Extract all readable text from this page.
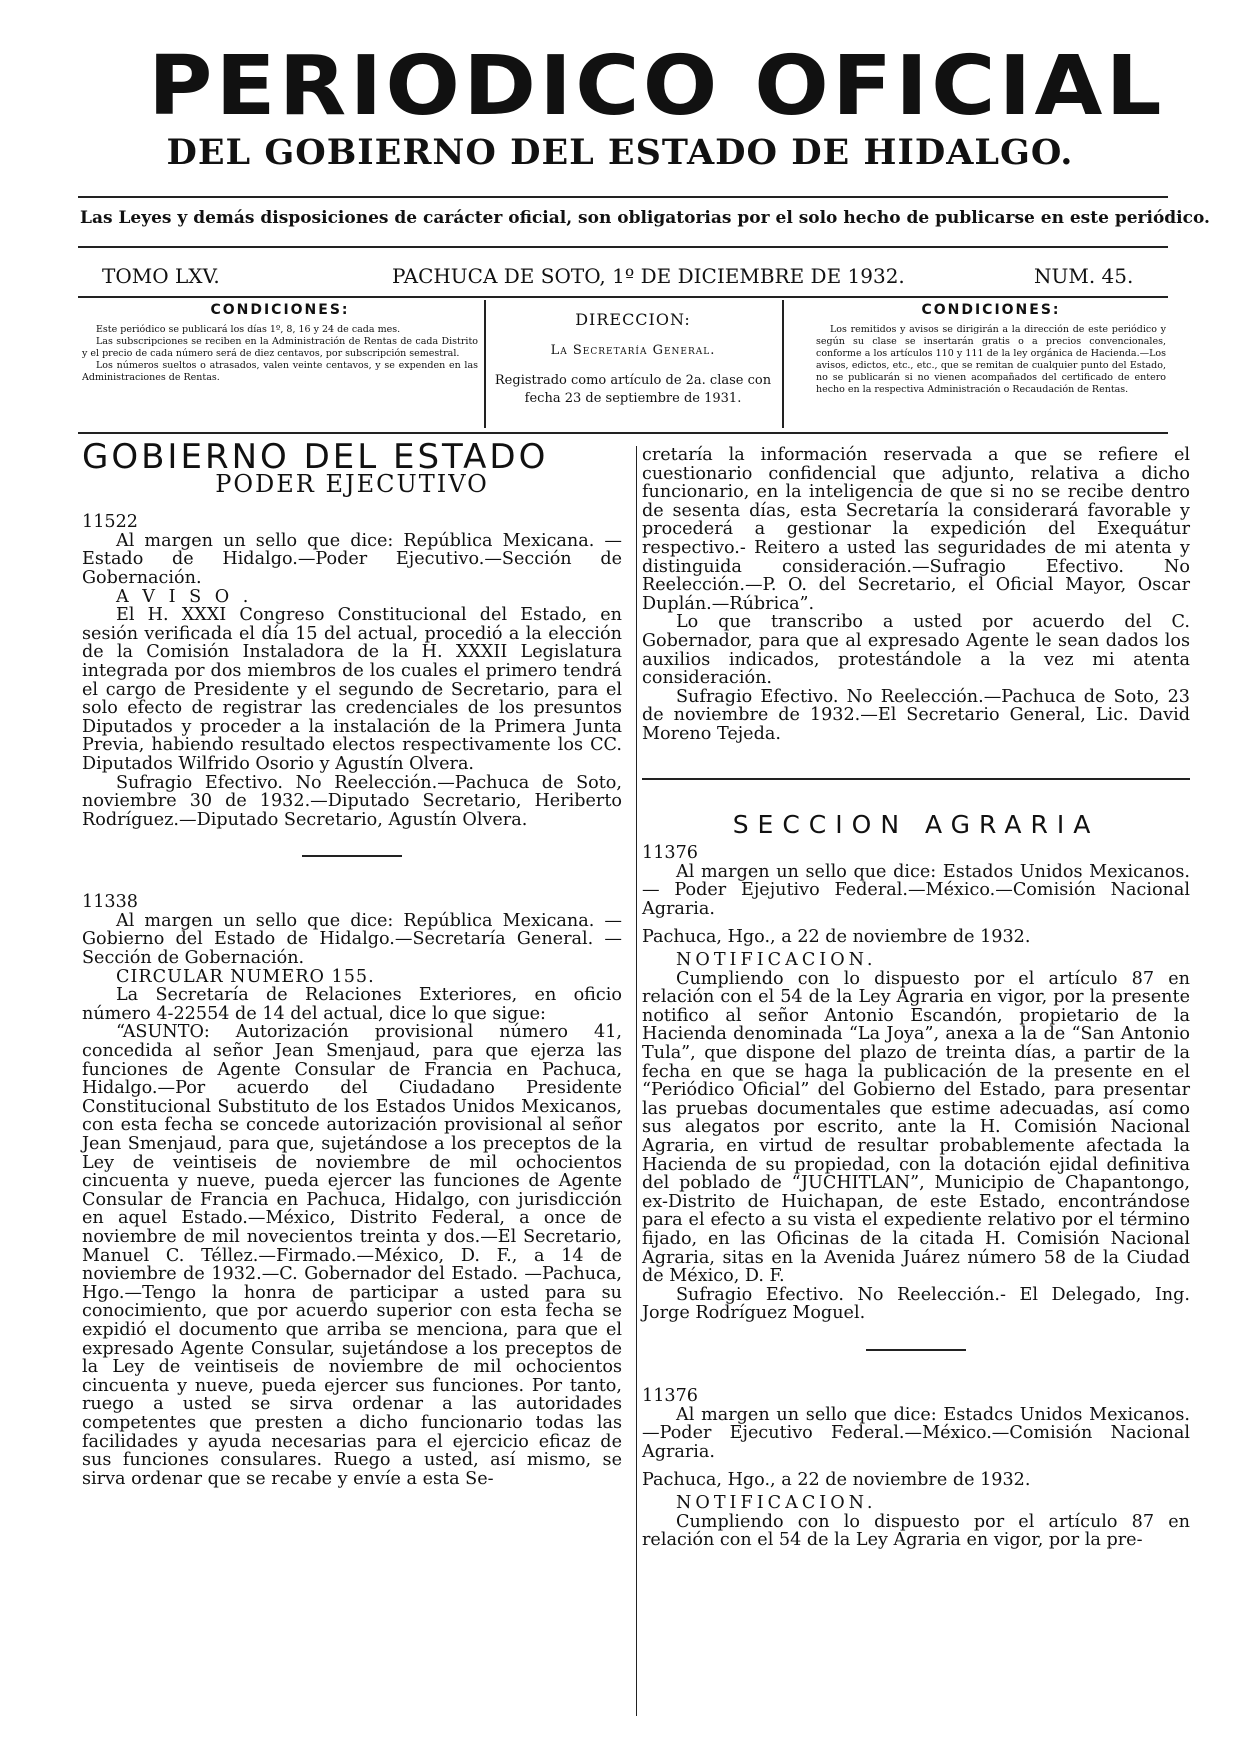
PERIODICO OFICIAL
DEL GOBIERNO DEL ESTADO DE HIDALGO.
Las Leyes y demás disposiciones de carácter oficial, son obligatorias por el solo hecho de publicarse en este periódico.
TOMO LXV.	PACHUCA DE SOTO, 1º DE DICIEMBRE DE 1932.	NUM. 45.
CONDICIONES:

Este periódico se publicará los días 1º, 8, 16 y 24 de cada mes.

Las subscripciones se reciben en la Administración de Rentas de cada Distrito y el precio de cada número será de diez centavos, por subscripción semestral.

Los números sueltos o atrasados, valen veinte centavos, y se expenden en las Administraciones de Rentas.

DIRECCION:
La Secretaría General.
Registrado como artículo de 2a. clase con fecha 23 de septiembre de 1931.
CONDICIONES:

Los remitidos y avisos se dirigirán a la dirección de este periódico y según su clase se insertarán gratis o a precios convencionales, conforme a los artículos 110 y 111 de la ley orgánica de Hacienda.—Los avisos, edictos, etc., etc., que se remitan de cualquier punto del Estado, no se publicarán si no vienen acompañados del certificado de entero hecho en la respectiva Administración o Recaudación de Rentas.

GOBIERNO DEL ESTADO
PODER EJECUTIVO

11522

Al margen un sello que dice: República Mexicana. —Estado de Hidalgo.—Poder Ejecutivo.—Sección de Gobernación.

A V I S O .

El H. XXXI Congreso Constitucional del Estado, en sesión verificada el día 15 del actual, procedió a la elección de la Comisión Instaladora de la H. XXXII Legislatura integrada por dos miembros de los cuales el primero tendrá el cargo de Presidente y el segundo de Secretario, para el solo efecto de registrar las credenciales de los presuntos Diputados y proceder a la instalación de la Primera Junta Previa, habiendo resultado electos respectivamente los CC. Diputados Wilfrido Osorio y Agustín Olvera.

Sufragio Efectivo. No Reelección.—Pachuca de Soto, noviembre 30 de 1932.—Diputado Secretario, Heriberto Rodríguez.—Diputado Secretario, Agustín Olvera.

11338

Al margen un sello que dice: República Mexicana. —Gobierno del Estado de Hidalgo.—Secretaría General. —Sección de Gobernación.

CIRCULAR NUMERO 155.

La Secretaría de Relaciones Exteriores, en oficio número 4-22554 de 14 del actual, dice lo que sigue:

“ASUNTO: Autorización provisional número 41, concedida al señor Jean Smenjaud, para que ejerza las funciones de Agente Consular de Francia en Pachuca, Hidalgo.—Por acuerdo del Ciudadano Presidente Constitucional Substituto de los Estados Unidos Mexicanos, con esta fecha se concede autorización provisional al señor Jean Smenjaud, para que, sujetándose a los preceptos de la Ley de veintiseis de noviembre de mil ochocientos cincuenta y nueve, pueda ejercer las funciones de Agente Consular de Francia en Pachuca, Hidalgo, con jurisdicción en aquel Estado.—México, Distrito Federal, a once de noviembre de mil novecientos treinta y dos.—El Secretario, Manuel C. Téllez.—Firmado.—México, D. F., a 14 de noviembre de 1932.—C. Gobernador del Estado. —Pachuca, Hgo.—Tengo la honra de participar a usted para su conocimiento, que por acuerdo superior con esta fecha se expidió el documento que arriba se menciona, para que el expresado Agente Consular, sujetándose a los preceptos de la Ley de veintiseis de noviembre de mil ochocientos cincuenta y nueve, pueda ejercer sus funciones. Por tanto, ruego a usted se sirva ordenar a las autoridades competentes que presten a dicho funcionario todas las facilidades y ayuda necesarias para el ejercicio eficaz de sus funciones consulares. Ruego a usted, así mismo, se sirva ordenar que se recabe y envíe a esta Se-

cretaría la información reservada a que se refiere el cuestionario confidencial que adjunto, relativa a dicho funcionario, en la inteligencia de que si no se recibe dentro de sesenta días, esta Secretaría la considerará favorable y procederá a gestionar la expedición del Exequátur respectivo.- Reitero a usted las seguridades de mi atenta y distinguida consideración.—Sufragio Efectivo. No Reelección.—P. O. del Secretario, el Oficial Mayor, Oscar Duplán.—Rúbrica”.

Lo que transcribo a usted por acuerdo del C. Gobernador, para que al expresado Agente le sean dados los auxilios indicados, protestándole a la vez mi atenta consideración.

Sufragio Efectivo. No Reelección.—Pachuca de Soto, 23 de noviembre de 1932.—El Secretario General, Lic. David Moreno Tejeda.

SECCION AGRARIA

11376

Al margen un sello que dice: Estados Unidos Mexicanos.— Poder Ejejutivo Federal.—México.—Comisión Nacional Agraria.

Pachuca, Hgo., a 22 de noviembre de 1932.

NOTIFICACION.

Cumpliendo con lo dispuesto por el artículo 87 en relación con el 54 de la Ley Agraria en vigor, por la presente notifico al señor Antonio Escandón, propietario de la Hacienda denominada “La Joya”, anexa a la de “San Antonio Tula”, que dispone del plazo de treinta días, a partir de la fecha en que se haga la publicación de la presente en el “Periódico Oficial” del Gobierno del Estado, para presentar las pruebas documentales que estime adecuadas, así como sus alegatos por escrito, ante la H. Comisión Nacional Agraria, en virtud de resultar probablemente afectada la Hacienda de su propiedad, con la dotación ejidal definitiva del poblado de “JUCHITLAN”, Municipio de Chapantongo, ex-Distrito de Huichapan, de este Estado, encontrándose para el efecto a su vista el expediente relativo por el término fijado, en las Oficinas de la citada H. Comisión Nacional Agraria, sitas en la Avenida Juárez número 58 de la Ciudad de México, D. F.

Sufragio Efectivo. No Reelección.- El Delegado, Ing. Jorge Rodríguez Moguel.

11376

Al margen un sello que dice: Estadcs Unidos Mexicanos.—Poder Ejecutivo Federal.—México.—Comisión Nacional Agraria.

Pachuca, Hgo., a 22 de noviembre de 1932.

NOTIFICACION.

Cumpliendo con lo dispuesto por el artículo 87 en relación con el 54 de la Ley Agraria en vigor, por la pre-
